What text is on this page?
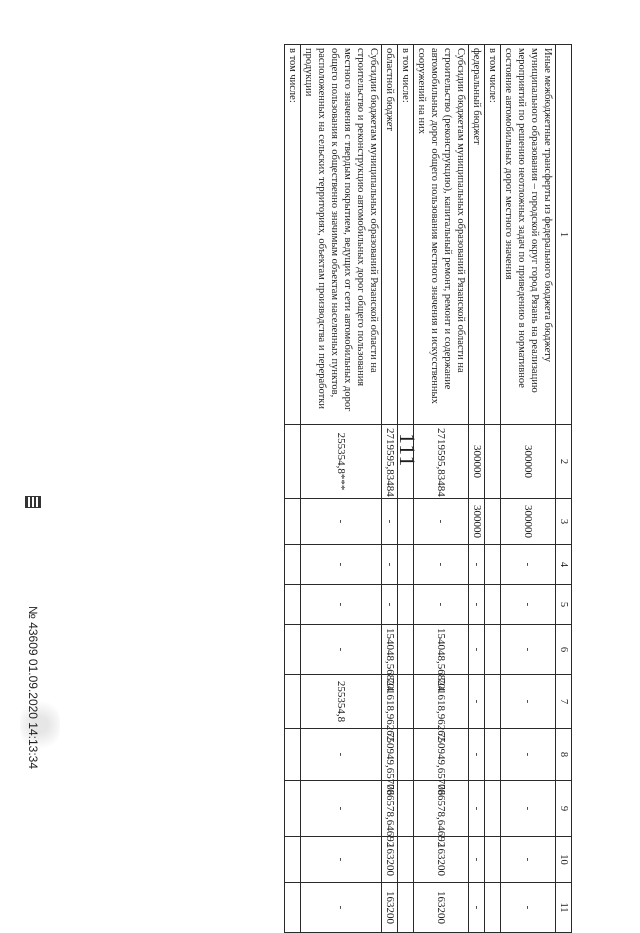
111
1	2	3	4	5	6	7	8	9	10	11
Иные межбюджетные трансферты из федерального бюджета бюджету муниципального образования – городской округ город Рязань на реализацию мероприятий по решению неотложных задач по приведению в нормативное состояние автомобильных дорог местного значения	300000	300000	-	-	-	-	-	-	-	-
в том числе:										
федеральный бюджет	300000	300000	-	-	-	-	-	-	-	-
Субсидии бюджетам муниципальных образований Рязанской области на строительство (реконструкцию), капитальный ремонт, ремонт и содержание автомобильных дорог общего пользования местного значения и искусственных сооружений на них	2719595,83484	-	-	-	154048,56824	701618,96262	750949,65706	786578,64692	163200	163200
в том числе:										
областной бюджет	2719595,83484	-	-	-	154048,56824	701618,96262	750949,65706	786578,64692	163200	163200
Субсидии бюджетам муниципальных образований Рязанской области на строительство и реконструкцию автомобильных дорог общего пользования местного значения с твердым покрытием, ведущих от сети автомобильных дорог общего пользования к общественно значимым объектам населенных пунктов, расположенных на сельских территориях, объектам производства и переработки продукции	255354,8***	-	-	-	-	255354,8	-	-	-	-
в том числе:										
№ 43609 01.09.2020 14:13:34
